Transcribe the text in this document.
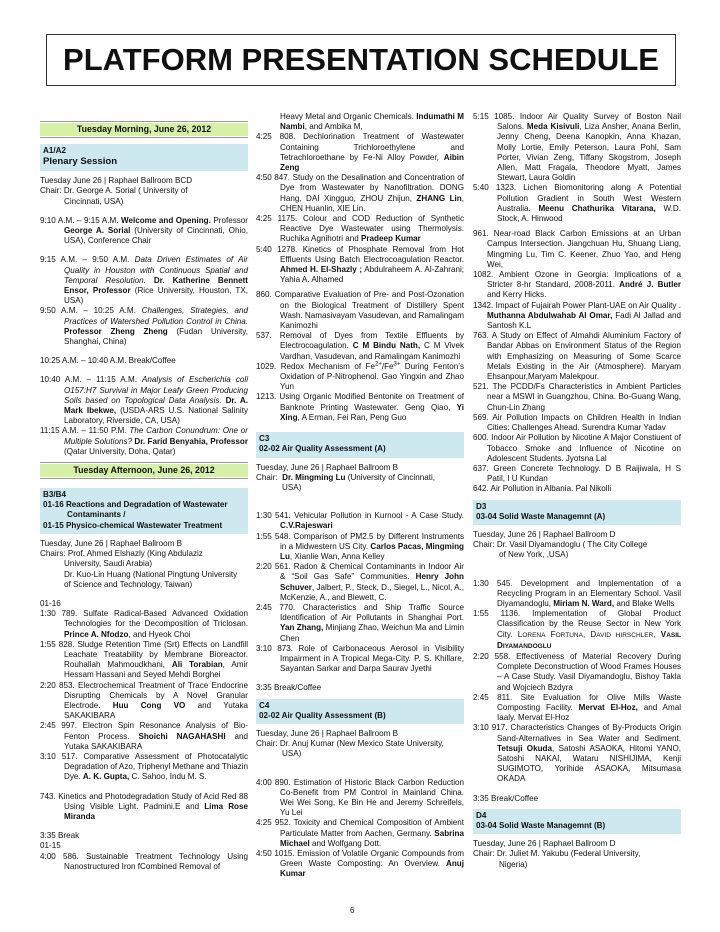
PLATFORM PRESENTATION SCHEDULE

Tuesday Morning, June 26, 2012

A1/A2

Plenary Session

Tuesday June 26 | Raphael Ballroom BCD

Chair: Dr. George A. Sorial ( University of

Cincinnati, USA)

9:10 A.M. – 9:15 A.M. Welcome and Opening. Professor George A. Sorial (University of Cincinnati, Ohio, USA), Conference Chair

9:15 A.M. – 9:50 A.M. Data Driven Estimates of Air Quality in Houston with Continuous Spatial and Temporal Resolution. Dr. Katherine Bennett Ensor, Professor (Rice University, Houston, TX, USA)

9:50 A.M. – 10:25 A.M. Challenges, Strategies, and Practices of Watershed Pollution Control in China. Professor Zheng Zheng (Fudan University, Shanghai, China)

10:25 A.M. – 10:40 A.M. Break/Coffee

10:40 A.M. – 11:15 A.M. Analysis of Escherichia coli O157:H7 Survival in Major Leafy Green Producing Soils based on Topological Data Analysis. Dr. A. Mark Ibekwe, (USDA-ARS U.S. National Salinity Laboratory, Riverside, CA, USA)

11:15 A.M. – 11:50 P.M. The Carbon Conundrum: One or Multiple Solutions? Dr. Farid Benyahia, Professor (Qatar University, Doha, Qatar)

Tuesday Afternoon, June 26, 2012

B3/B4

01-16 Reactions and Degradation of Wastewater

Contaminants /

01-15 Physico-chemical Wastewater Treatment

Tuesday, June 26 | Raphael Ballroom B

Chairs: Prof. Ahmed Elshazly (King Abdulaziz

University, Saudi Arabia)

Dr. Kuo-Lin Huang (National Pingtung University

of Science and Technology, Taiwan)

01-16

1:30 789. Sulfate Radical-Based Advanced Oxidation Technologies for the Decomposition of Triclosan. Prince A. Nfodzo, and Hyeok Choi

1:55 828. Sludge Retention Time (Srt) Effects on Landfill Leachate Treatability by Membrane Bioreactor. Rouhallah Mahmoudkhani, Ali Torabian, Amir Hessam Hassani and Seyed Mehdi Borghei

2:20 853. Electrochemical Treatment of Trace Endocrine Disrupting Chemicals by A Novel Granular Electrode. Huu Cong VO and Yutaka SAKAKIBARA

2:45 997. Electron Spin Resonance Analysis of Bio-Fenton Process. Shoichi NAGAHASHI and Yutaka SAKAKIBARA

3:10 517. Comparative Assessment of Photocatalytic Degradation of Azo, Triphenyl Methane and Thiazin Dye. A. K. Gupta, C. Sahoo, Indu M. S.

743. Kinetics and Photodegradation Study of Acid Red 88 Using Visible Light. Padmini.E and Lima Rose Miranda

3:35 Break

01-15

4:00 586. Sustainable Treatment Technology Using Nanostructured Iron fCombined Removal of

Heavy Metal and Organic Chemicals. Indumathi M Nambi, and Ambika M,

4:25 808. Dechlorination Treatment of Wastewater Containing Trichloroethylene and Tetrachloroethane by Fe-Ni Alloy Powder, Aibin Zeng

4:50 847. Study on the Desalination and Concentration of Dye from Wastewater by Nanofiltration. DONG Hang, DAI Xingguo, ZHOU Zhijun, ZHANG Lin, CHEN Huanlin, XIE Lin.

4:25 1175. Colour and COD Reduction of Synthetic Reactive Dye Wastewater using Thermolysis. Ruchika Agnihotri and Pradeep Kumar

5:40 1278. Kinetics of Phosphate Removal from Hot Effluents Using Batch Electrocoagulation Reactor. Ahmed H. El-Shazly ; Abdulraheem A. Al-Zahrani; Yahia A. Alhamed

860. Comparative Evaluation of Pre- and Post-Ozonation on the Biological Treatment of Distillery Spent Wash. Namasivayam Vasudevan, and Ramalingam Kanimozhi

537. Removal of Dyes from Textile Effluents by Electrocoagulation. C M Bindu Nath, C M Vivek Vardhan, Vasudevan, and Ramalingam Kanimozhi

1029. Redox Mechanism of $Fe^{2+}/Fe^{3+}$ During Fenton’s Oxidation of P-Nitrophenol. Gao Yingxin and Zhao Yun

1213. Using Organic Modified Bentonite on Treatment of Banknote Printing Wastewater. Geng Qiao, Yi Xing, A Erman, Fei Ran, Peng Guo

C3

02-02 Air Quality Assessment (A)

Tuesday, June 26 | Raphael Ballroom B

Chair: Dr. Mingming Lu (University of Cincinnati,

USA)

1:30 541. Vehicular Pollution in Kurnool - A Case Study. C.V.Rajeswari

1:55 548. Comparison of PM2.5 by Different Instruments in a Midwestern US City. Carlos Pacas, Mingming Lu, Xianlie Wan, Anna Kelley

2:20 561. Radon & Chemical Contaminants in Indoor Air & “Soil Gas Safe” Communities. Henry John Schuver, Jalbert, P., Steck, D., Siegel, L., Nicol, A., McKenzie, A., and Blewett, C.

2:45 770. Characteristics and Ship Traffic Source Identification of Air Pollutants in Shanghai Port. Yan Zhang, Minjiang Zhao, Weichun Ma and Limin Chen

3:10 873. Role of Carbonaceous Aerosol in Visibility Impairment in A Tropical Mega-City. P. S. Khillare, Sayantan Sarkar and Darpa Saurav Jyethi

3:35 Break/Coffee

C4

02-02 Air Quality Assessment (B)

Tuesday, June 26 | Raphael Ballroom B

Chair: Dr. Anuj Kumar (New Mexico State University,

USA)

4:00 890. Estimation of Historic Black Carbon Reduction Co-Benefit from PM Control in Mainland China. Wei Wei Song, Ke Bin He and Jeremy Schreifels, Yu Lei

4:25 952. Toxicity and Chemical Composition of Ambient Particulate Matter from Aachen, Germany. Sabrina Michael and Wolfgang Dott.

4:50 1015. Emission of Volatile Organic Compounds from Green Waste Composting: An Overview. Anuj Kumar

5:15 1085. Indoor Air Quality Survey of Boston Nail Salons. Meda Kisivuli, Liza Ansher, Anana Berlin, Jenny Cheng, Deena Kanopkin, Anna Khazan, Molly Lortie, Emily Peterson, Laura Pohl, Sam Porter, Vivian Zeng, Tiffany Skogstrom, Joseph Allen, Matt Fragala, Theodore Myatt, James Stewart, Laura Goldin

5:40 1323. Lichen Biomonitoring along A Potential Pollution Gradient in South West Western Australia. Meenu Chathurika Vitarana, W.D. Stock, A. Hinwood

961. Near-road Black Carbon Emissions at an Urban Campus Intersection. Jiangchuan Hu, Shuang Liang, Mingming Lu, Tim C. Keener, Zhuo Yao, and Heng Wei,

1082. Ambient Ozone in Georgia: Implications of a Stricter 8-hr Standard, 2008-2011. André J. Butler and Kerry Hicks.

1342. Impact of Fujairah Power Plant-UAE on Air Quality . Muthanna Abdulwahab Al Omar, Fadi Al Jallad and Santosh K.L

763. A Study on Effect of Almahdi Aluminium Factory of Bandar Abbas on Environment Status of the Region with Emphasizing on Measuring of Some Scarce Metals Existing in the Air (Atmosphere). Maryam Ehsanpour,Maryam Malekpour.

521. The PCDD/Fs Characteristics in Ambient Particles near a MSWI in Guangzhou, China. Bo-Guang Wang, Chun-Lin Zhang

569. Air Pollution Impacts on Children Health in Indian Cities: Challenges Ahead. Surendra Kumar Yadav

600. Indoor Air Pollution by Nicotine A Major Constiuent of Tobacco Smoke and Influence of Nicotine on Adolescent Students. Jyotsna Lal

637. Green Concrete Technology. D B Raijiwala, H S Patil, I U Kundan

642. Air Pollution in Albania. Pal Nikolli

D3

03-04 Solid Waste Managemnt (A)

Tuesday, June 26 | Raphael Ballroom D

Chair: Dr. Vasil Diyamandoglu ( The City College

of New York, ,USA)

1:30 545. Development and Implementation of a Recycling Program in an Elementary School. Vasil Diyamandoglu, Miriam N. Ward, and Blake Wells

1:55 1136. Implementation of Global Product Classification by the Reuse Sector in New York City. LORENA FORTUNA, DAVID HIRSCHLER, VASIL DIYAMANDOGLU

2:20 558. Effectiveness of Material Recovery During Complete Deconstruction of Wood Frames Houses – A Case Study. Vasil Diyamandoglu, Bishoy Takla and Wojciech Bzdyra

2:45 811. Site Evaluation for Olive Mills Waste Composting Facility. Mervat El-Hoz, and Amal Iaaly. Mervat El-Hoz

3:10 917. Characteristics Changes of By-Products Origin Sand-Alternatives in Sea Water and Sediment. Tetsuji Okuda, Satoshi ASAOKA, Hitomi YANO, Satoshi NAKAI, Wataru NISHIJIMA, Kenji SUGIMOTO, Yorihide ASAOKA, Mitsumasa OKADA

3:35 Break/Coffee

D4

03-04 Solid Waste Managemnt (B)

Tuesday, June 26 | Raphael Ballroom D

Chair: Dr. Juliet M. Yakubu (Federal University,

Nigeria)

6
